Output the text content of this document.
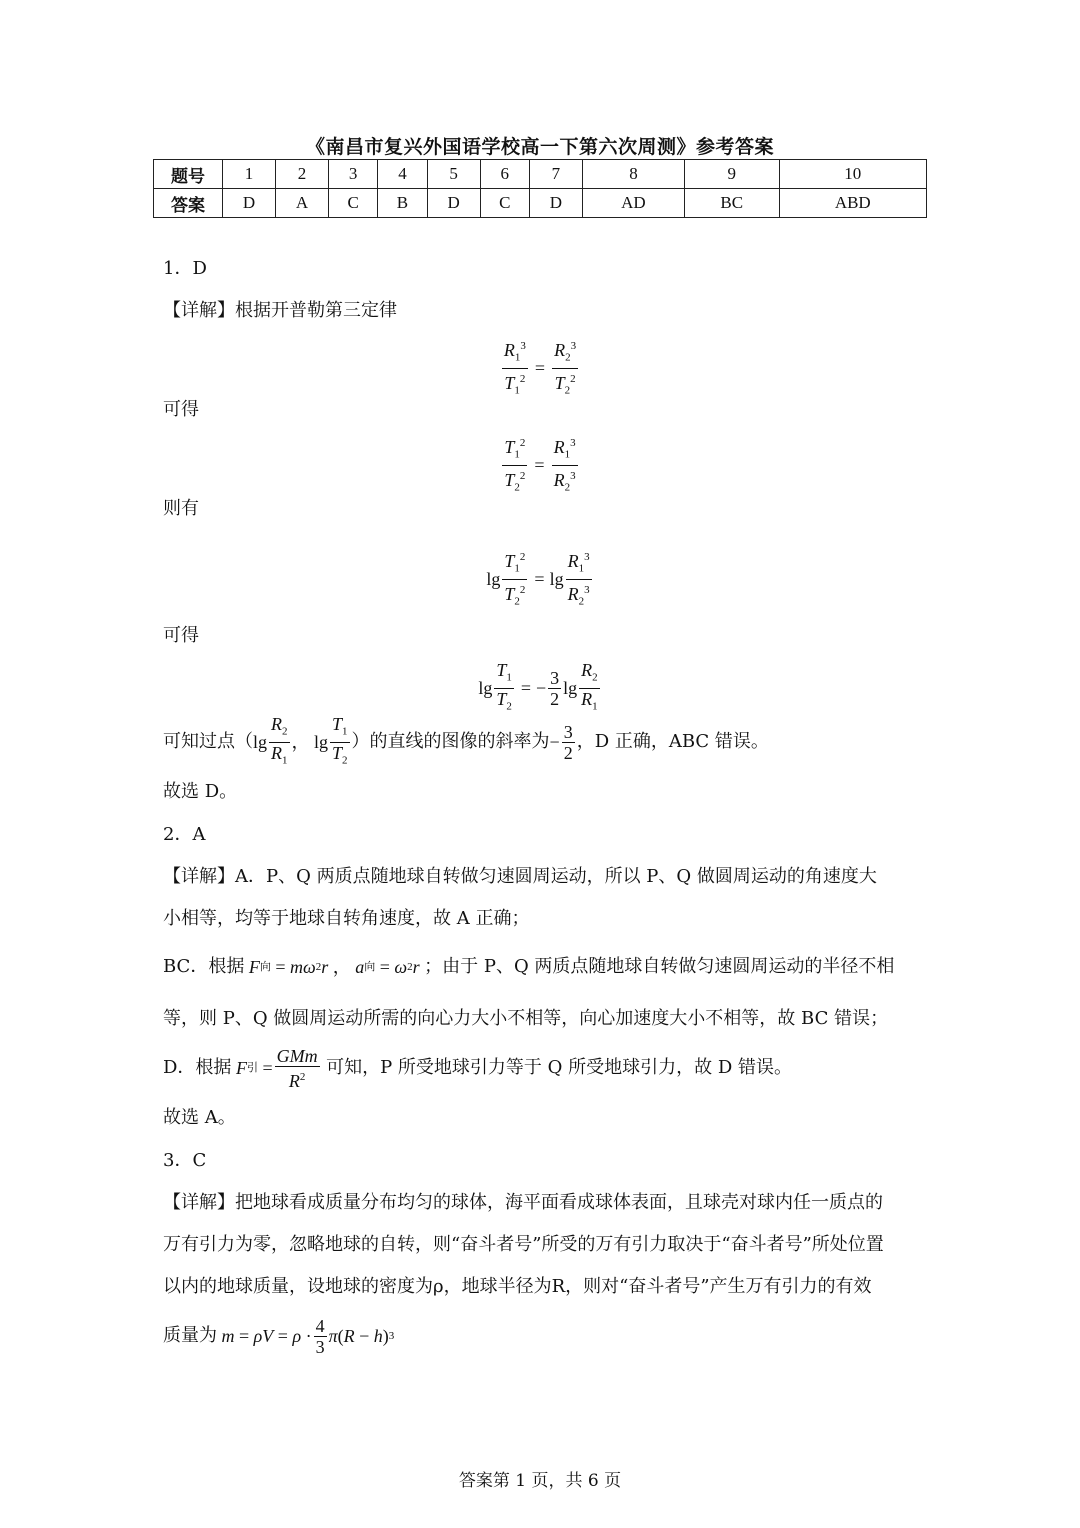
《南昌市复兴外国语学校高一下第六次周测》参考答案
题号	1	2	3	4	5	6	7	8	9	10
答案	D	A	C	B	D	C	D	AD	BC	ABD
1．D
【详解】根据开普勒第三定律
$\frac{R_1^3}{T_1^2} = \frac{R_2^3}{T_2^2}$
可得
$\frac{T_1^2}{T_2^2} = \frac{R_1^3}{R_2^3}$
则有
$\lg \frac{T_1^2}{T_2^2} = \lg \frac{R_1^3}{R_2^3}$
可得
$\lg \frac{T_1}{T_2}$ = − $\frac{3}{2}$ $\lg \frac{R_2}{R_1}$
可知过点（ $\lg \frac{R_2}{R_1}$ ， $\lg \frac{T_1}{T_2}$ ）的直线的图像的斜率为 − $\frac{3}{2}$ ，D 正确，ABC 错误。
故选 D。
2．A
【详解】A．P、Q 两质点随地球自转做匀速圆周运动，所以 P、Q 做圆周运动的角速度大
小相等，均等于地球自转角速度，故 A 正确；
BC．根据
F 向 = mω 2 r ， a 向 = ω 2 r
；由于 P、Q 两质点随地球自转做匀速圆周运动的半径不相
等，则 P、Q 做圆周运动所需的向心力大小不相等，向心加速度大小不相等，故 BC 错误；
D．根据
F 引 = $\frac{\text{GMm}}{R^2}$
可知，P 所受地球引力等于 Q 所受地球引力，故 D 错误。
故选 A。
3．C
【详解】把地球看成质量分布均匀的球体，海平面看成球体表面，且球壳对球内任一质点的
万有引力为零，忽略地球的自转，则“奋斗者号”所受的万有引力取决于“奋斗者号”所处位置
以内的地球质量，设地球的密度为ρ，地球半径为R，则对“奋斗者号”产生万有引力的有效
质量为
$m = \rho V = \rho \cdot \frac{4}{3}$ π ( R − h ) 3
答案第 1 页，共 6 页
